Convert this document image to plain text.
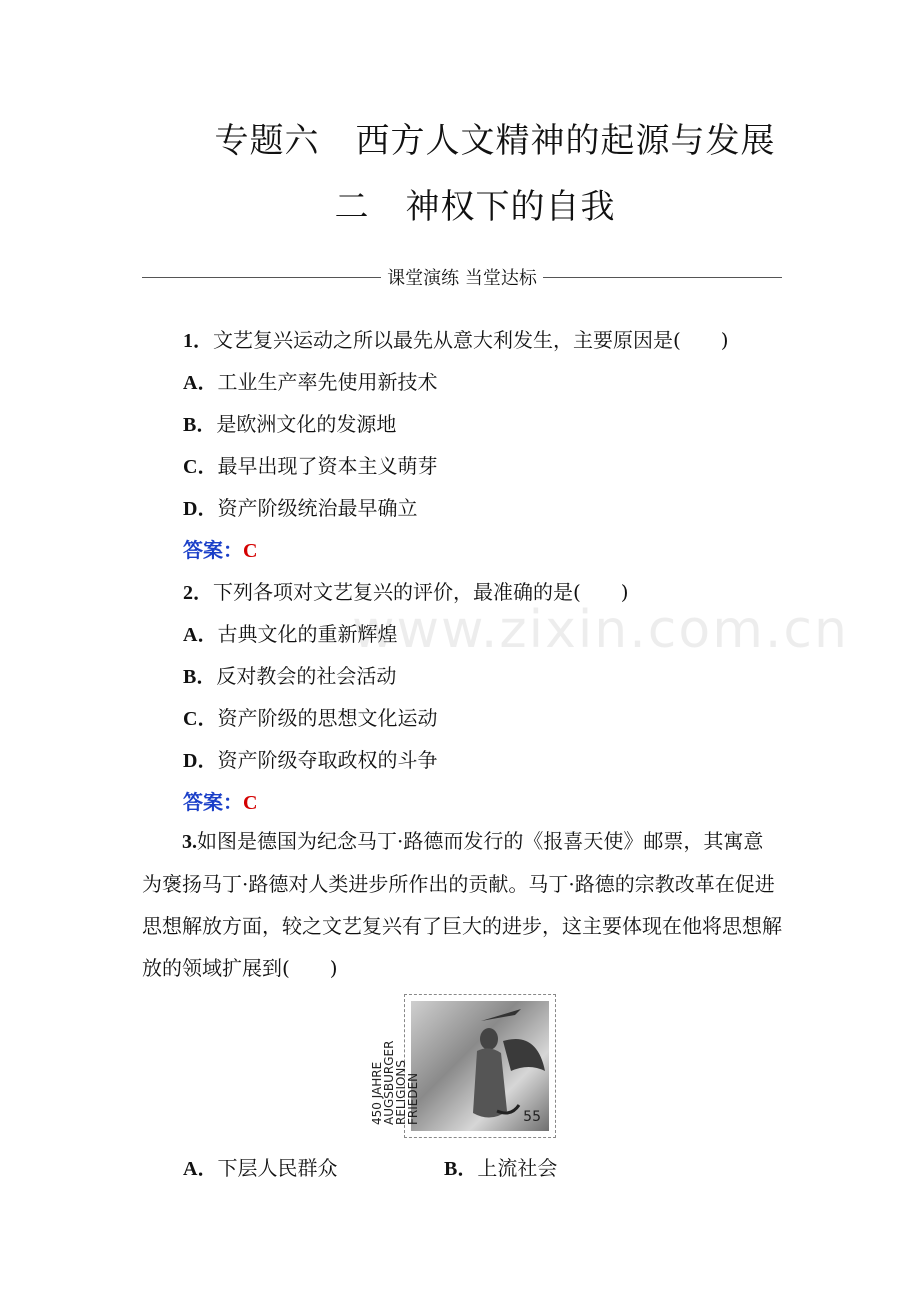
专题六 西方人文精神的起源与发展
二 神权下的自我
课堂演练 当堂达标
www.zixin.com.cn
1．文艺复兴运动之所以最先从意大利发生，主要原因是(　　)
A．工业生产率先使用新技术
B．是欧洲文化的发源地
C．最早出现了资本主义萌芽
D．资产阶级统治最早确立
答案：C
2．下列各项对文艺复兴的评价，最准确的是(　　)
A．古典文化的重新辉煌
B．反对教会的社会活动
C．资产阶级的思想文化运动
D．资产阶级夺取政权的斗争
答案：C
3.如图是德国为纪念马丁·路德而发行的《报喜天使》邮票，其寓意为褒扬马丁·路德对人类进步所作出的贡献。马丁·路德的宗教改革在促进思想解放方面，较之文艺复兴有了巨大的进步，这主要体现在他将思想解放的领域扩展到(　　)
450 JAHRE AUGSBURGER RELIGIONS FRIEDEN	55
A．下层人民群众	B．上流社会
